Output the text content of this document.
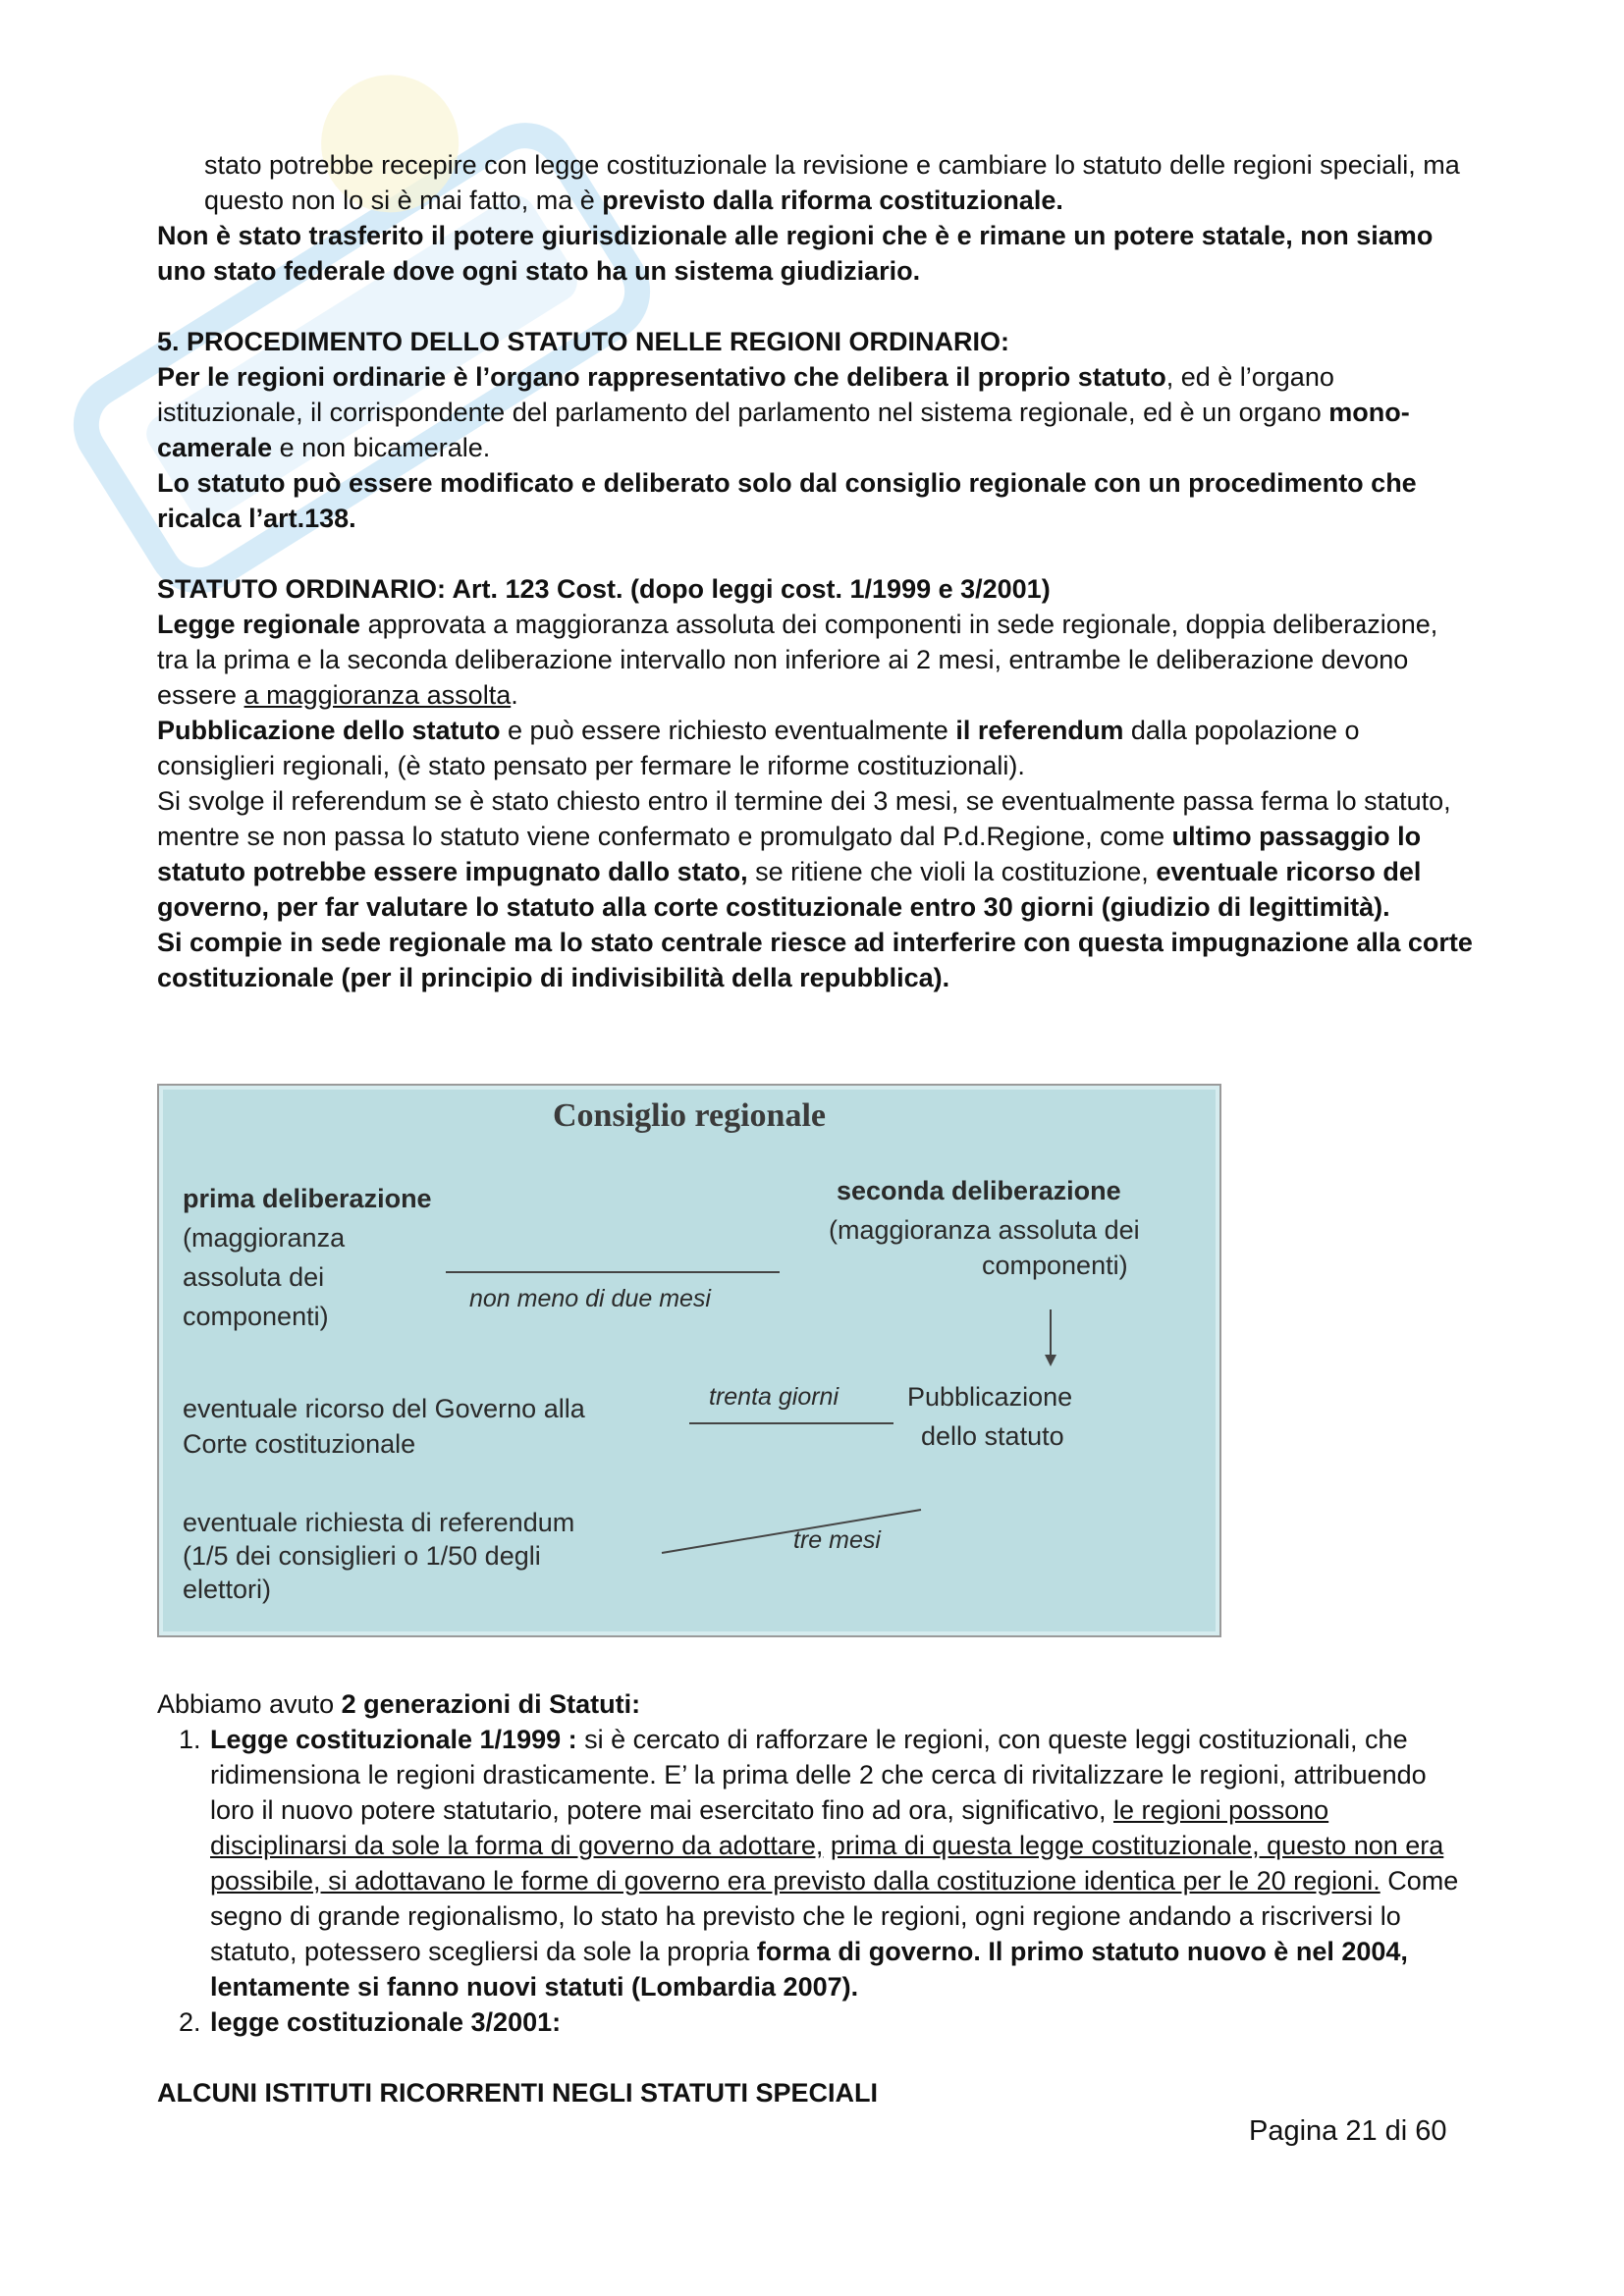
stato potrebbe recepire con legge costituzionale la revisione e cambiare lo statuto delle regioni speciali, ma questo non lo si è mai fatto, ma è previsto dalla riforma costituzionale.

Non è stato trasferito il potere giurisdizionale alle regioni che è e rimane un potere statale, non siamo uno stato federale dove ogni stato ha un sistema giudiziario.

5. PROCEDIMENTO DELLO STATUTO NELLE REGIONI ORDINARIO:

Per le regioni ordinarie è l’organo rappresentativo che delibera il proprio statuto, ed è l’organo istituzionale, il corrispondente del parlamento del parlamento nel sistema regionale, ed è un organo mono-camerale e non bicamerale.

Lo statuto può essere modificato e deliberato solo dal consiglio regionale con un procedimento che ricalca l’art.138.

STATUTO ORDINARIO: Art. 123 Cost. (dopo leggi cost. 1/1999 e 3/2001)

Legge regionale approvata a maggioranza assoluta dei componenti in sede regionale, doppia deliberazione, tra la prima e la seconda deliberazione intervallo non inferiore ai 2 mesi, entrambe le deliberazione devono essere a maggioranza assolta.

Pubblicazione dello statuto e può essere richiesto eventualmente il referendum dalla popolazione o consiglieri regionali, (è stato pensato per fermare le riforme costituzionali).

Si svolge il referendum se è stato chiesto entro il termine dei 3 mesi, se eventualmente passa ferma lo statuto, mentre se non passa lo statuto viene confermato e promulgato dal P.d.Regione, come ultimo passaggio lo statuto potrebbe essere impugnato dallo stato, se ritiene che violi la costituzione, eventuale ricorso del governo, per far valutare lo statuto alla corte costituzionale entro 30 giorni (giudizio di legittimità).

Si compie in sede regionale ma lo stato centrale riesce ad interferire con questa impugnazione alla corte costituzionale (per il principio di indivisibilità della repubblica).

Consiglio regionale
prima deliberazione
(maggioranza
assoluta dei
componenti)
seconda deliberazione
(maggioranza assoluta dei
componenti)
non meno di due mesi
eventuale ricorso del Governo alla
Corte costituzionale
trenta giorni	Pubblicazione
dello statuto
eventuale richiesta di referendum
(1/5 dei consiglieri o 1/50 degli
elettori)
tre mesi

Abbiamo avuto 2 generazioni di Statuti:

1. Legge costituzionale 1/1999 : si è cercato di rafforzare le regioni, con queste leggi costituzionali, che ridimensiona le regioni drasticamente. E’ la prima delle 2 che cerca di rivitalizzare le regioni, attribuendo loro il nuovo potere statutario, potere mai esercitato fino ad ora, significativo, le regioni possono disciplinarsi da sole la forma di governo da adottare, prima di questa legge costituzionale, questo non era possibile, si adottavano le forme di governo era previsto dalla costituzione identica per le 20 regioni. Come segno di grande regionalismo, lo stato ha previsto che le regioni, ogni regione andando a riscriversi lo statuto, potessero scegliersi da sole la propria forma di governo. Il primo statuto nuovo è nel 2004, lentamente si fanno nuovi statuti (Lombardia 2007).
2. legge costituzionale 3/2001:

ALCUNI ISTITUTI RICORRENTI NEGLI STATUTI SPECIALI

Pagina 21 di 60
